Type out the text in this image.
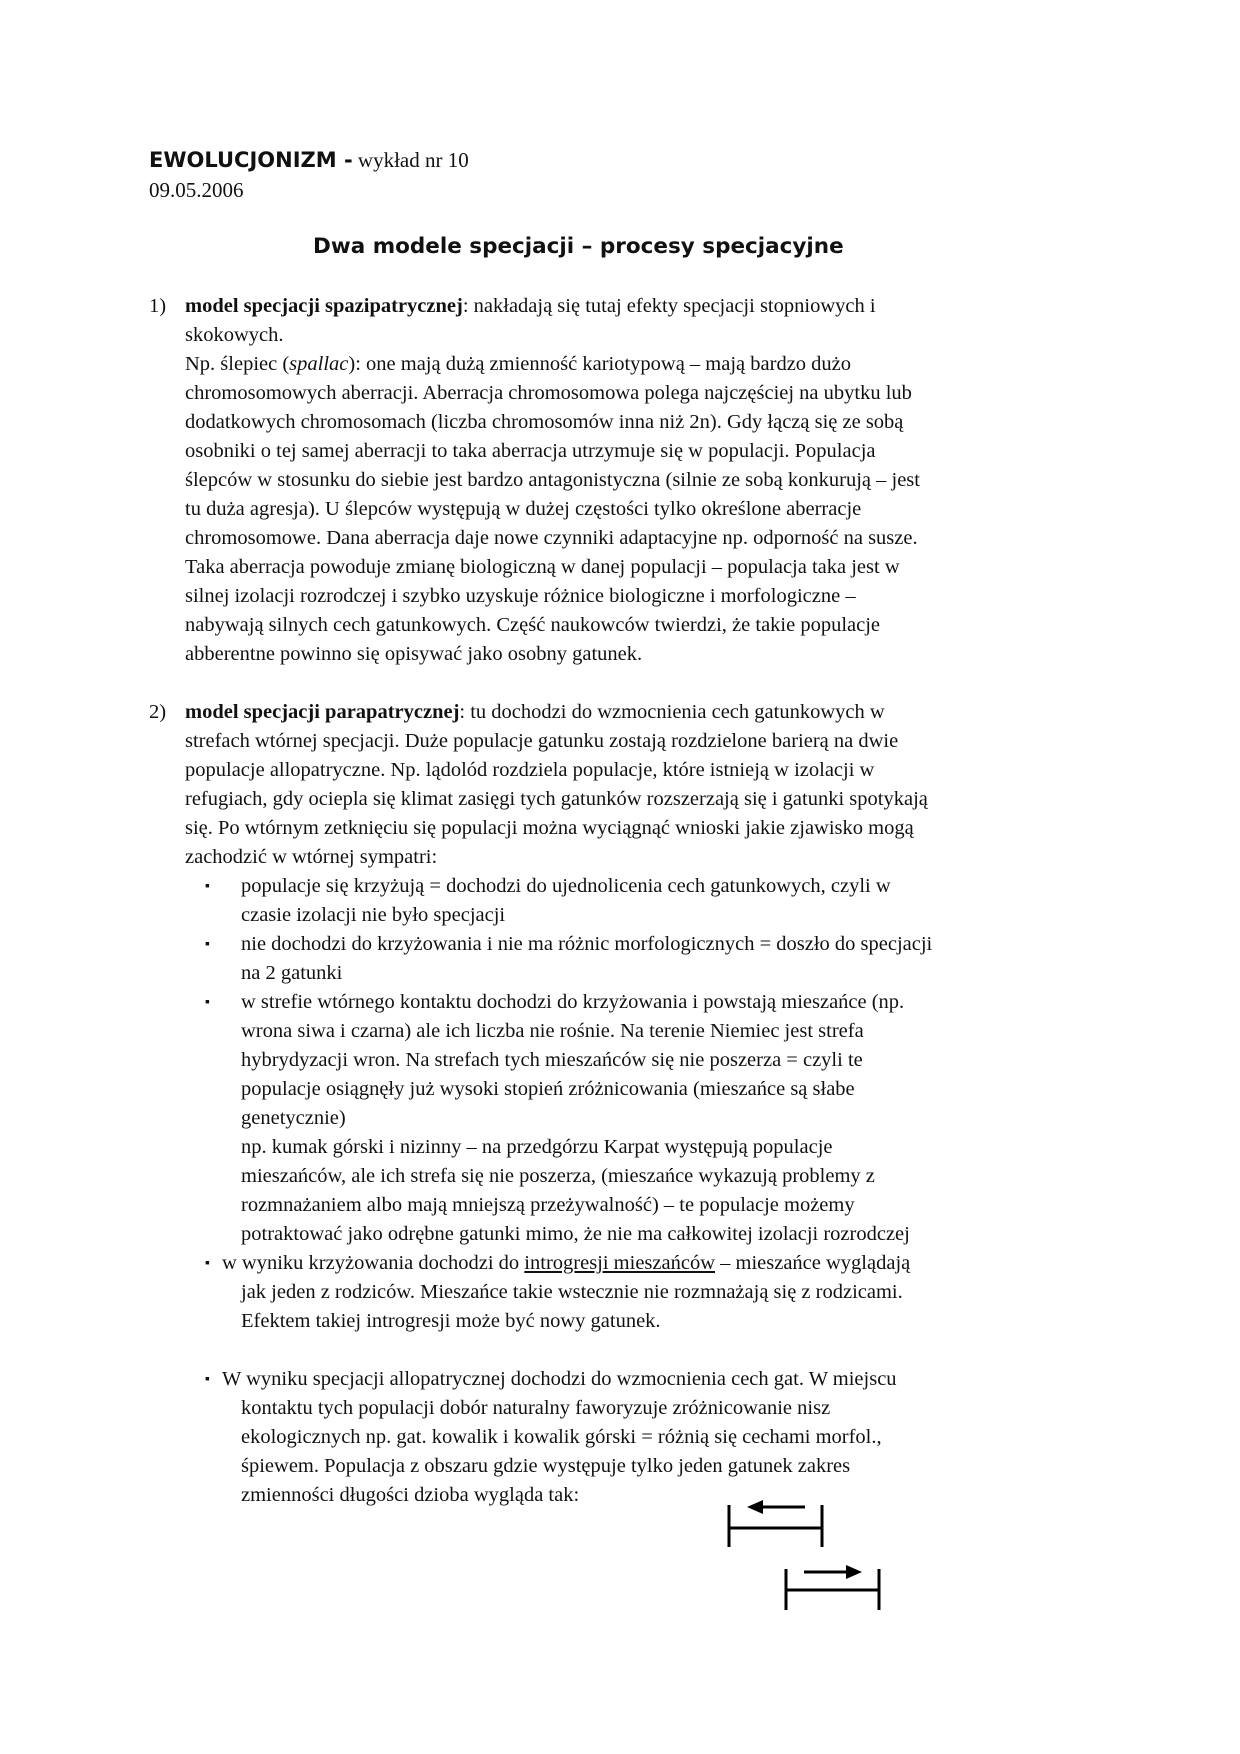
EWOLUCJONIZM - wykład nr 10
09.05.2006
Dwa modele specjacji – procesy specjacyjne
1) model specjacji spazipatrycznej: nakładają się tutaj efekty specjacji stopniowych i
skokowych.
Np. ślepiec (spallac): one mają dużą zmienność kariotypową – mają bardzo dużo
chromosomowych aberracji. Aberracja chromosomowa polega najczęściej na ubytku lub
dodatkowych chromosomach (liczba chromosomów inna niż 2n). Gdy łączą się ze sobą
osobniki o tej samej aberracji to taka aberracja utrzymuje się w populacji. Populacja
ślepców w stosunku do siebie jest bardzo antagonistyczna (silnie ze sobą konkurują – jest
tu duża agresja). U ślepców występują w dużej częstości tylko określone aberracje
chromosomowe. Dana aberracja daje nowe czynniki adaptacyjne np. odporność na susze.
Taka aberracja powoduje zmianę biologiczną w danej populacji – populacja taka jest w
silnej izolacji rozrodczej i szybko uzyskuje różnice biologiczne i morfologiczne –
nabywają silnych cech gatunkowych. Część naukowców twierdzi, że takie populacje
abberentne powinno się opisywać jako osobny gatunek.
2) model specjacji parapatrycznej: tu dochodzi do wzmocnienia cech gatunkowych w
strefach wtórnej specjacji. Duże populacje gatunku zostają rozdzielone barierą na dwie
populacje allopatryczne. Np. lądolód rozdziela populacje, które istnieją w izolacji w
refugiach, gdy ociepla się klimat zasięgi tych gatunków rozszerzają się i gatunki spotykają
się. Po wtórnym zetknięciu się populacji można wyciągnąć wnioski jakie zjawisko mogą
zachodzić w wtórnej sympatri:
▪ populacje się krzyżują = dochodzi do ujednolicenia cech gatunkowych, czyli w
czasie izolacji nie było specjacji
▪ nie dochodzi do krzyżowania i nie ma różnic morfologicznych = doszło do specjacji
na 2 gatunki
▪ w strefie wtórnego kontaktu dochodzi do krzyżowania i powstają mieszańce (np.
wrona siwa i czarna) ale ich liczba nie rośnie. Na terenie Niemiec jest strefa
hybrydyzacji wron. Na strefach tych mieszańców się nie poszerza = czyli te
populacje osiągnęły już wysoki stopień zróżnicowania (mieszańce są słabe
genetycznie)
np. kumak górski i nizinny – na przedgórzu Karpat występują populacje
mieszańców, ale ich strefa się nie poszerza, (mieszańce wykazują problemy z
rozmnażaniem albo mają mniejszą przeżywalność) – te populacje możemy
potraktować jako odrębne gatunki mimo, że nie ma całkowitej izolacji rozrodczej
▪ w wyniku krzyżowania dochodzi do introgresji mieszańców – mieszańce wyglądają
jak jeden z rodziców. Mieszańce takie wstecznie nie rozmnażają się z rodzicami.
Efektem takiej introgresji może być nowy gatunek.
▪ W wyniku specjacji allopatrycznej dochodzi do wzmocnienia cech gat. W miejscu
kontaktu tych populacji dobór naturalny faworyzuje zróżnicowanie nisz
ekologicznych np. gat. kowalik i kowalik górski = różnią się cechami morfol.,
śpiewem. Populacja z obszaru gdzie występuje tylko jeden gatunek zakres
zmienności długości dzioba wygląda tak:
